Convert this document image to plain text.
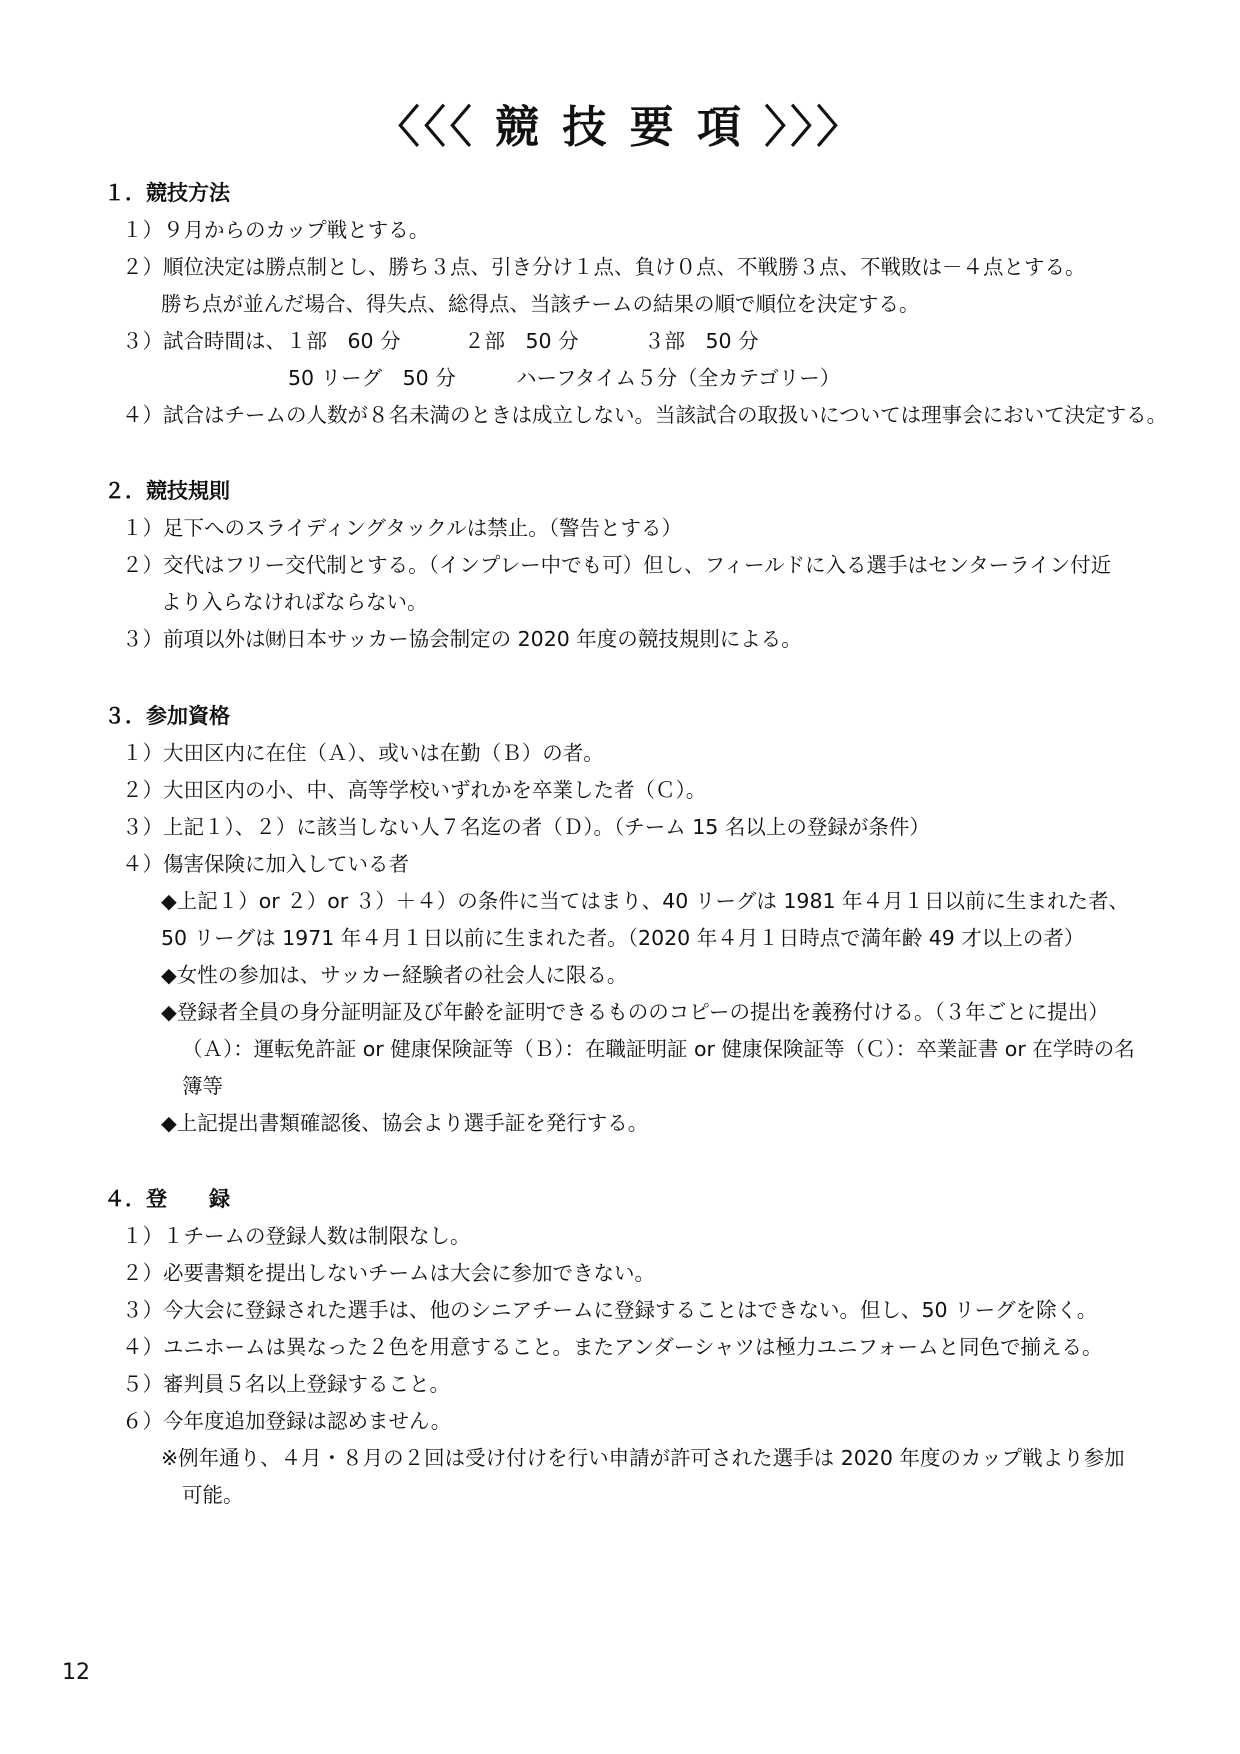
〈〈〈 競 技 要 項 〉〉〉
１．競技方法
１）９月からのカップ戦とする。
２）順位決定は勝点制とし、勝ち３点、引き分け１点、負け０点、不戦勝３点、不戦敗は－４点とする。
勝ち点が並んだ場合、得失点、総得点、当該チームの結果の順で順位を決定する。
３）試合時間は、１部　60 分	２部　50 分	３部　50 分
50 リーグ　50 分	ハーフタイム５分（全カテゴリー）
４）試合はチームの人数が８名未満のときは成立しない。当該試合の取扱いについては理事会において決定する。
２．競技規則
１）足下へのスライディングタックルは禁止。（警告とする）
２）交代はフリー交代制とする。（インプレー中でも可）但し、フィールドに入る選手はセンターライン付近
より入らなければならない。
３）前項以外は㈶日本サッカー協会制定の 2020 年度の競技規則による。
３．参加資格
１）大田区内に在住（Ａ）、或いは在勤（Ｂ）の者。
２）大田区内の小、中、高等学校いずれかを卒業した者（Ｃ）。
３）上記１）、２）に該当しない人７名迄の者（Ｄ）。（チーム 15 名以上の登録が条件）
４）傷害保険に加入している者
◆上記１）or ２）or ３）＋４）の条件に当てはまり、40 リーグは 1981 年４月１日以前に生まれた者、
50 リーグは 1971 年４月１日以前に生まれた者。（2020 年４月１日時点で満年齢 49 才以上の者）
◆女性の参加は、サッカー経験者の社会人に限る。
◆登録者全員の身分証明証及び年齢を証明できるもののコピーの提出を義務付ける。（３年ごとに提出）
（Ａ）：運転免許証 or 健康保険証等（Ｂ）：在職証明証 or 健康保険証等（Ｃ）：卒業証書 or 在学時の名
簿等
◆上記提出書類確認後、協会より選手証を発行する。
４．登　　録
１）１チームの登録人数は制限なし。
２）必要書類を提出しないチームは大会に参加できない。
３）今大会に登録された選手は、他のシニアチームに登録することはできない。但し、50 リーグを除く。
４）ユニホームは異なった２色を用意すること。またアンダーシャツは極力ユニフォームと同色で揃える。
５）審判員５名以上登録すること。
６）今年度追加登録は認めません。
※例年通り、４月・８月の２回は受け付けを行い申請が許可された選手は 2020 年度のカップ戦より参加
可能。
12
